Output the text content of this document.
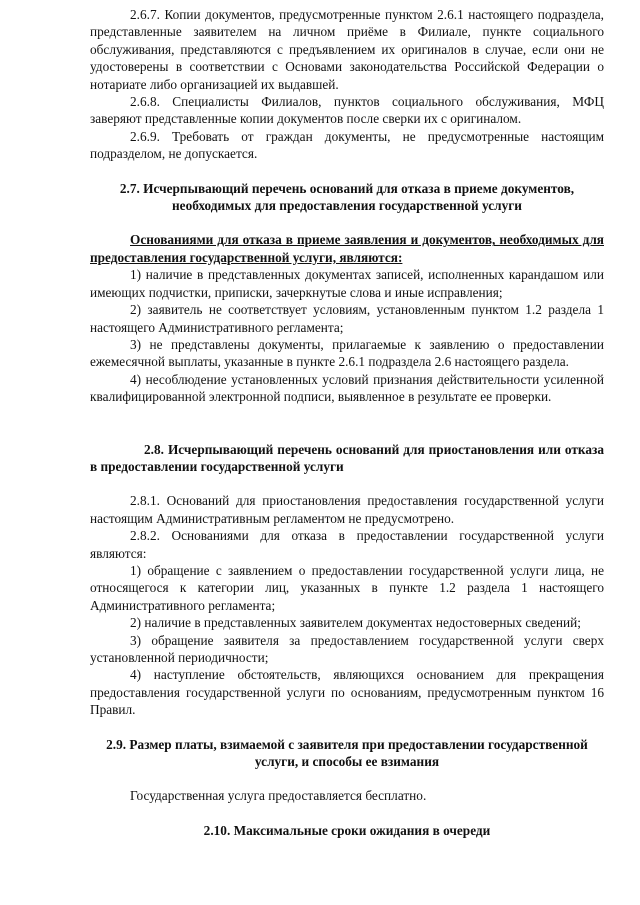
2.6.7. Копии документов, предусмотренные пунктом 2.6.1 настоящего подраздела, представленные заявителем на личном приёме в Филиале, пункте социального обслуживания, представляются с предъявлением их оригиналов в случае, если они не удостоверены в соответствии с Основами законодательства Российской Федерации о нотариате либо организацией их выдавшей.

2.6.8. Специалисты Филиалов, пунктов социального обслуживания, МФЦ заверяют представленные копии документов после сверки их с оригиналом.

2.6.9. Требовать от граждан документы, не предусмотренные настоящим подразделом, не допускается.

2.7. Исчерпывающий перечень оснований для отказа в приеме документов, необходимых для предоставления государственной услуги

Основаниями для отказа в приеме заявления и документов, необходимых для предоставления государственной услуги, являются:

1) наличие в представленных документах записей, исполненных карандашом или имеющих подчистки, приписки, зачеркнутые слова и иные исправления;

2) заявитель не соответствует условиям, установленным пунктом 1.2 раздела 1 настоящего Административного регламента;

3) не представлены документы, прилагаемые к заявлению о предоставлении ежемесячной выплаты, указанные в пункте 2.6.1 подраздела 2.6 настоящего раздела.

4) несоблюдение установленных условий признания действительности усиленной квалифицированной электронной подписи, выявленное в результате ее проверки.

2.8. Исчерпывающий перечень оснований для приостановления или отказа в предоставлении государственной услуги

2.8.1. Оснований для приостановления предоставления государственной услуги настоящим Административным регламентом не предусмотрено.

2.8.2. Основаниями для отказа в предоставлении государственной услуги являются:

1) обращение с заявлением о предоставлении государственной услуги лица, не относящегося к категории лиц, указанных в пункте 1.2 раздела 1 настоящего Административного регламента;

2) наличие в представленных заявителем документах недостоверных сведений;

3) обращение заявителя за предоставлением государственной услуги сверх установленной периодичности;

4) наступление обстоятельств, являющихся основанием для прекращения предоставления государственной услуги по основаниям, предусмотренным пунктом 16 Правил.

2.9. Размер платы, взимаемой с заявителя при предоставлении государственной услуги, и способы ее взимания

Государственная услуга предоставляется бесплатно.

2.10. Максимальные сроки ожидания в очереди
